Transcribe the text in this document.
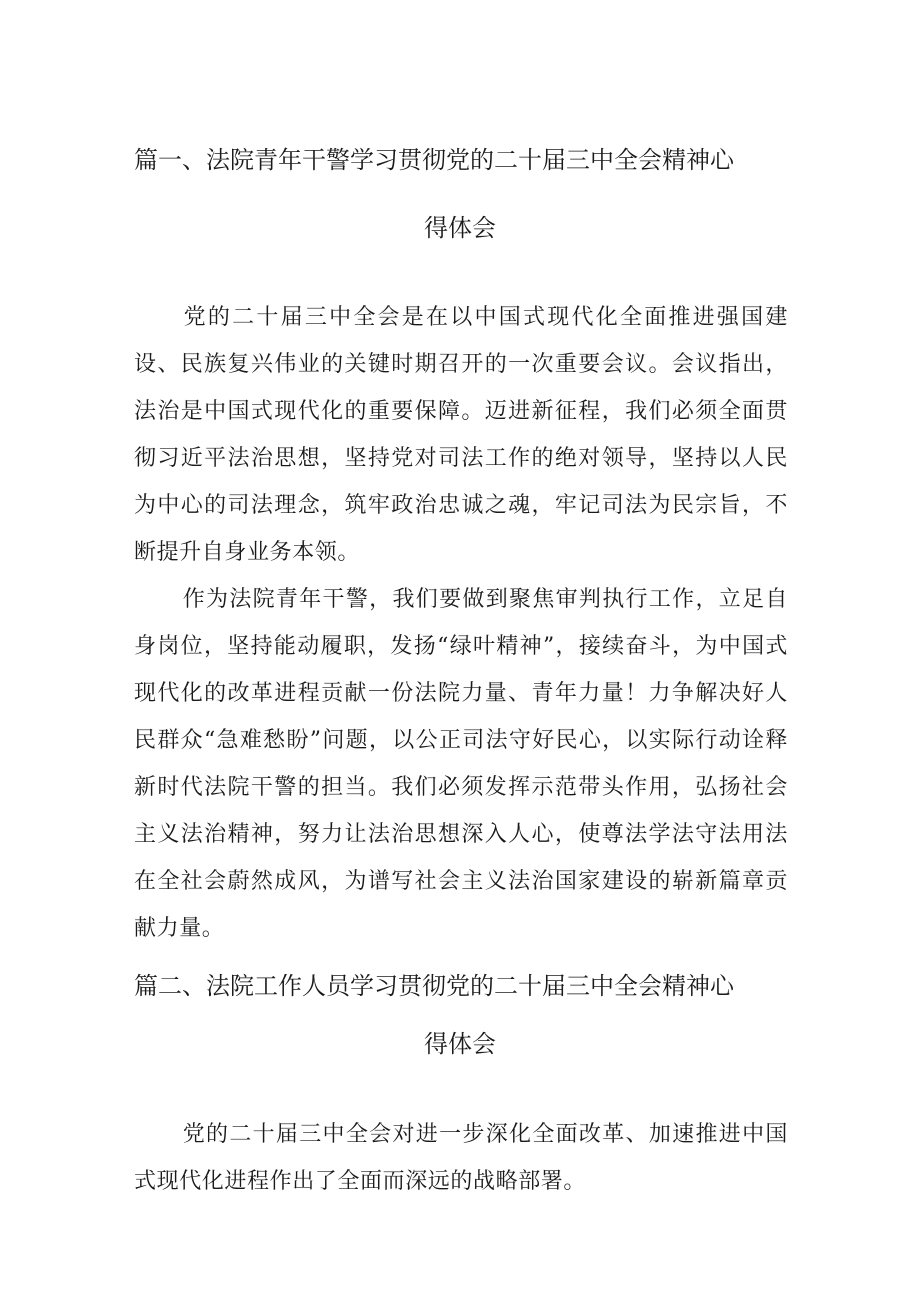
篇一、法院青年干警学习贯彻党的二十届三中全会精神心
得体会

党的二十届三中全会是在以中国式现代化全面推进强国建设、民族复兴伟业的关键时期召开的一次重要会议。会议指出，法治是中国式现代化的重要保障。迈进新征程，我们必须全面贯彻习近平法治思想，坚持党对司法工作的绝对领导，坚持以人民为中心的司法理念，筑牢政治忠诚之魂，牢记司法为民宗旨，不断提升自身业务本领。

作为法院青年干警，我们要做到聚焦审判执行工作，立足自身岗位，坚持能动履职，发扬“绿叶精神”，接续奋斗，为中国式现代化的改革进程贡献一份法院力量、青年力量！力争解决好人民群众“急难愁盼”问题，以公正司法守好民心，以实际行动诠释新时代法院干警的担当。我们必须发挥示范带头作用，弘扬社会主义法治精神，努力让法治思想深入人心，使尊法学法守法用法在全社会蔚然成风，为谱写社会主义法治国家建设的崭新篇章贡献力量。

篇二、法院工作人员学习贯彻党的二十届三中全会精神心
得体会

党的二十届三中全会对进一步深化全面改革、加速推进中国式现代化进程作出了全面而深远的战略部署。
